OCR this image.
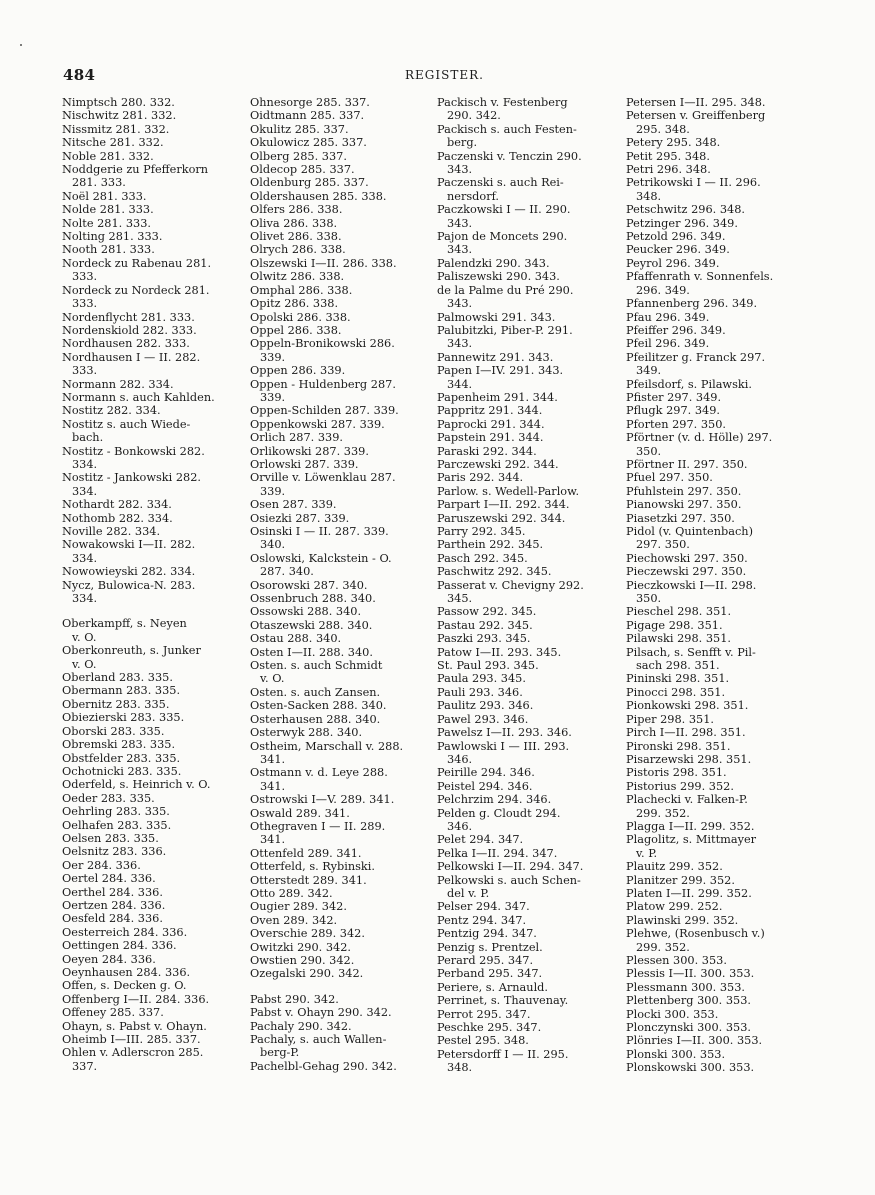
484	REGISTER.
Nimptsch 280. 332.
Nischwitz 281. 332.
Nissmitz 281. 332.
Nitsche 281. 332.
Noble 281. 332.
Noddgerie zu Pfefferkorn
281. 333.
Noël 281. 333.
Nolde 281. 333.
Nolte 281. 333.
Nolting 281. 333.
Nooth 281. 333.
Nordeck zu Rabenau 281.
333.
Nordeck zu Nordeck 281.
333.
Nordenflycht 281. 333.
Nordenskiold 282. 333.
Nordhausen 282. 333.
Nordhausen I — II. 282.
333.
Normann 282. 334.
Normann s. auch Kahlden.
Nostitz 282. 334.
Nostitz s. auch Wiede-
bach.
Nostitz - Bonkowski 282.
334.
Nostitz - Jankowski 282.
334.
Nothardt 282. 334.
Nothomb 282. 334.
Noville 282. 334.
Nowakowski I—II. 282.
334.
Nowowieyski 282. 334.
Nycz, Bulowica-N. 283.
334.
Oberkampff, s. Neyen
v. O.
Oberkonreuth, s. Junker
v. O.
Oberland 283. 335.
Obermann 283. 335.
Obernitz 283. 335.
Obiezierski 283. 335.
Oborski 283. 335.
Obremski 283. 335.
Obstfelder 283. 335.
Ochotnicki 283. 335.
Oderfeld, s. Heinrich v. O.
Oeder 283. 335.
Oehrling 283. 335.
Oelhafen 283. 335.
Oelsen 283. 335.
Oelsnitz 283. 336.
Oer 284. 336.
Oertel 284. 336.
Oerthel 284. 336.
Oertzen 284. 336.
Oesfeld 284. 336.
Oesterreich 284. 336.
Oettingen 284. 336.
Oeyen 284. 336.
Oeynhausen 284. 336.
Offen, s. Decken g. O.
Offenberg I—II. 284. 336.
Offeney 285. 337.
Ohayn, s. Pabst v. Ohayn.
Oheimb I—III. 285. 337.
Ohlen v. Adlerscron 285.
337.
Ohnesorge 285. 337.
Oidtmann 285. 337.
Okulitz 285. 337.
Okulowicz 285. 337.
Olberg 285. 337.
Oldecop 285. 337.
Oldenburg 285. 337.
Oldershausen 285. 338.
Olfers 286. 338.
Oliva 286. 338.
Olivet 286. 338.
Olrych 286. 338.
Olszewski I—II. 286. 338.
Olwitz 286. 338.
Omphal 286. 338.
Opitz 286. 338.
Opolski 286. 338.
Oppel 286. 338.
Oppeln-Bronikowski 286.
339.
Oppen 286. 339.
Oppen - Huldenberg 287.
339.
Oppen-Schilden 287. 339.
Oppenkowski 287. 339.
Orlich 287. 339.
Orlikowski 287. 339.
Orlowski 287. 339.
Orville v. Löwenklau 287.
339.
Osen 287. 339.
Osiezki 287. 339.
Osinski I — II. 287. 339.
340.
Oslowski, Kalckstein - O.
287. 340.
Osorowski 287. 340.
Ossenbruch 288. 340.
Ossowski 288. 340.
Otaszewski 288. 340.
Ostau 288. 340.
Osten I—II. 288. 340.
Osten. s. auch Schmidt
v. O.
Osten. s. auch Zansen.
Osten-Sacken 288. 340.
Osterhausen 288. 340.
Osterwyk 288. 340.
Ostheim, Marschall v. 288.
341.
Ostmann v. d. Leye 288.
341.
Ostrowski I—V. 289. 341.
Oswald 289. 341.
Othegraven I — II. 289.
341.
Ottenfeld 289. 341.
Otterfeld, s. Rybinski.
Otterstedt 289. 341.
Otto 289. 342.
Ougier 289. 342.
Oven 289. 342.
Overschie 289. 342.
Owitzki 290. 342.
Owstien 290. 342.
Ozegalski 290. 342.
Pabst 290. 342.
Pabst v. Ohayn 290. 342.
Pachaly 290. 342.
Pachaly, s. auch Wallen-
berg-P.
Pachelbl-Gehag 290. 342.
Packisch v. Festenberg
290. 342.
Packisch s. auch Festen-
berg.
Paczenski v. Tenczin 290.
343.
Paczenski s. auch Rei-
nersdorf.
Paczkowski I — II. 290.
343.
Pajon de Moncets 290.
343.
Palendzki 290. 343.
Paliszewski 290. 343.
de la Palme du Pré 290.
343.
Palmowski 291. 343.
Palubitzki, Piber-P. 291.
343.
Pannewitz 291. 343.
Papen I—IV. 291. 343.
344.
Papenheim 291. 344.
Pappritz 291. 344.
Paprocki 291. 344.
Papstein 291. 344.
Paraski 292. 344.
Parczewski 292. 344.
Paris 292. 344.
Parlow. s. Wedell-Parlow.
Parpart I—II. 292. 344.
Paruszewski 292. 344.
Parry 292. 345.
Parthein 292. 345.
Pasch 292. 345.
Paschwitz 292. 345.
Passerat v. Chevigny 292.
345.
Passow 292. 345.
Pastau 292. 345.
Paszki 293. 345.
Patow I—II. 293. 345.
St. Paul 293. 345.
Paula 293. 345.
Pauli 293. 346.
Paulitz 293. 346.
Pawel 293. 346.
Pawelsz I—II. 293. 346.
Pawlowski I — III. 293.
346.
Peirille 294. 346.
Peistel 294. 346.
Pelchrzim 294. 346.
Pelden g. Cloudt 294.
346.
Pelet 294. 347.
Pelka I—II. 294. 347.
Pelkowski I—II. 294. 347.
Pelkowski s. auch Schen-
del v. P.
Pelser 294. 347.
Pentz 294. 347.
Pentzig 294. 347.
Penzig s. Prentzel.
Perard 295. 347.
Perband 295. 347.
Periere, s. Arnauld.
Perrinet, s. Thauvenay.
Perrot 295. 347.
Peschke 295. 347.
Pestel 295. 348.
Petersdorff I — II. 295.
348.
Petersen I—II. 295. 348.
Petersen v. Greiffenberg
295. 348.
Petery 295. 348.
Petit 295. 348.
Petri 296. 348.
Petrikowski I — II. 296.
348.
Petschwitz 296. 348.
Petzinger 296. 349.
Petzold 296. 349.
Peucker 296. 349.
Peyrol 296. 349.
Pfaffenrath v. Sonnenfels.
296. 349.
Pfannenberg 296. 349.
Pfau 296. 349.
Pfeiffer 296. 349.
Pfeil 296. 349.
Pfeilitzer g. Franck 297.
349.
Pfeilsdorf, s. Pilawski.
Pfister 297. 349.
Pflugk 297. 349.
Pforten 297. 350.
Pförtner (v. d. Hölle) 297.
350.
Pförtner II. 297. 350.
Pfuel 297. 350.
Pfuhlstein 297. 350.
Pianowski 297. 350.
Piasetzki 297. 350.
Pidol (v. Quintenbach)
297. 350.
Piechowski 297. 350.
Pieczewski 297. 350.
Pieczkowski I—II. 298.
350.
Pieschel 298. 351.
Pigage 298. 351.
Pilawski 298. 351.
Pilsach, s. Senfft v. Pil-
sach 298. 351.
Pininski 298. 351.
Pinocci 298. 351.
Pionkowski 298. 351.
Piper 298. 351.
Pirch I—II. 298. 351.
Pironski 298. 351.
Pisarzewski 298. 351.
Pistoris 298. 351.
Pistorius 299. 352.
Plachecki v. Falken-P.
299. 352.
Plagga I—II. 299. 352.
Plagolitz, s. Mittmayer
v. P.
Plauitz 299. 352.
Planitzer 299. 352.
Platen I—II. 299. 352.
Platow 299. 252.
Plawinski 299. 352.
Plehwe, (Rosenbusch v.)
299. 352.
Plessen 300. 353.
Plessis I—II. 300. 353.
Plessmann 300. 353.
Plettenberg 300. 353.
Plocki 300. 353.
Plonczynski 300. 353.
Plönries I—II. 300. 353.
Plonski 300. 353.
Plonskowski 300. 353.
